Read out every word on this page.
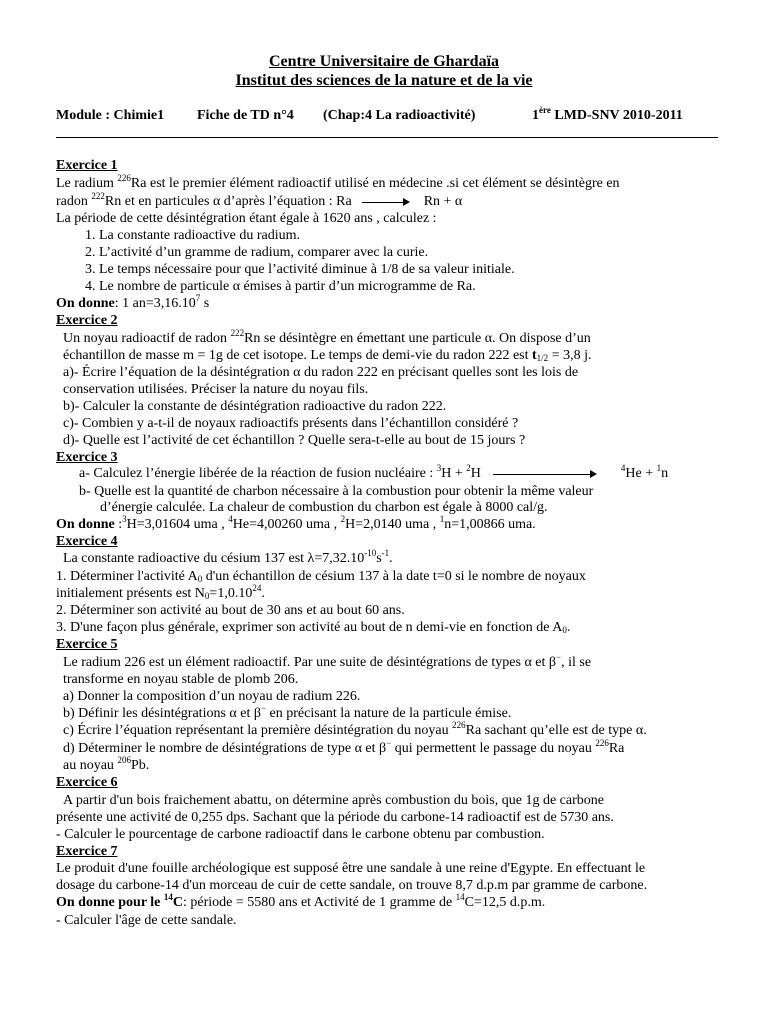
Centre Universitaire de Ghardaïa
Institut des sciences de la nature et de la vie
Module : Chimie1 Fiche de TD n°4 (Chap:4 La radioactivité)	1ère LMD-SNV 2010-2011
Exercice 1
Le radium $^{226}$Ra est le premier élément radioactif utilisé en médecine .si cet élément se désintègre en
radon $^{222}$Rn et en particules α d’après l’équation : Ra	Rn + α
La période de cette désintégration étant égale à 1620 ans , calculez :
1. La constante radioactive du radium.
2. L’activité d’un gramme de radium, comparer avec la curie.
3. Le temps nécessaire pour que l’activité diminue à 1/8 de sa valeur initiale.
4. Le nombre de particule α émises à partir d’un microgramme de Ra.
On donne: 1 $an=3,16.10^7$ s
Exercice 2
Un noyau radioactif de radon $^{222}$Rn se désintègre en émettant une particule α. On dispose d’un
échantillon de masse m = 1g de cet isotope. Le temps de demi-vie du radon 222 est $t_{1/2} = 3,8$ j.
a)- Écrire l’équation de la désintégration α du radon 222 en précisant quelles sont les lois de
conservation utilisées. Préciser la nature du noyau fils.
b)- Calculer la constante de désintégration radioactive du radon 222.
c)- Combien y a-t-il de noyaux radioactifs présents dans l’échantillon considéré ?
d)- Quelle est l’activité de cet échantillon ? Quelle sera-t-elle au bout de 15 jours ?
Exercice 3
a- Calculez l’énergie libérée de la réaction de fusion nucléaire : $^3$H + $^2$H	$^4$He + $^1$n
b- Quelle est la quantité de charbon nécessaire à la combustion pour obtenir la même valeur
d’énergie calculée. La chaleur de combustion du charbon est égale à 8000 cal/g.
On donne :$^3$H=3,01604 uma , $^4$He=4,00260 uma , $^2$H=2,0140 uma , $^1$n=1,00866 uma.
Exercice 4
La constante radioactive du césium 137 est $\lambda=7,32.10^{-10}s^{-1}$.
1. Déterminer l'activité $A_0$ d'un échantillon de césium 137 à la date t=0 si le nombre de noyaux
initialement présents est $N_0=1,0.10^{24}$.
2. Déterminer son activité au bout de 30 ans et au bout 60 ans.
3. D'une façon plus générale, exprimer son activité au bout de n demi-vie en fonction de $A_0$.
Exercice 5
Le radium 226 est un élément radioactif. Par une suite de désintégrations de types α et β−, il se
transforme en noyau stable de plomb 206.
a) Donner la composition d’un noyau de radium 226.
b) Définir les désintégrations α et β− en précisant la nature de la particule émise.
c) Écrire l’équation représentant la première désintégration du noyau $^{226}$Ra sachant qu’elle est de type α.
d) Déterminer le nombre de désintégrations de type α et β− qui permettent le passage du noyau $^{226}$Ra
au noyau $^{206}$Pb.
Exercice 6
A partir d'un bois fraichement abattu, on détermine après combustion du bois, que 1g de carbone
présente une activité de 0,255 dps. Sachant que la période du carbone-14 radioactif est de 5730 ans.
- Calculer le pourcentage de carbone radioactif dans le carbone obtenu par combustion.
Exercice 7
Le produit d'une fouille archéologique est supposé être une sandale à une reine d'Egypte. En effectuant le
dosage du carbone-14 d'un morceau de cuir de cette sandale, on trouve 8,7 d.p.m par gramme de carbone.
On donne pour le $^{14}$C: période = 5580 ans et Activité de 1 gramme de $^{14}$C=12,5 d.p.m.
- Calculer l'âge de cette sandale.
